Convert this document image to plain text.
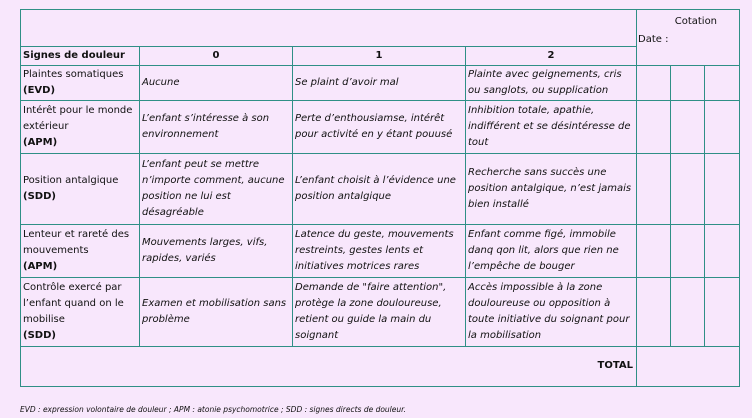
				Cotation
Date :		

Signes de douleur	0	1	2			
Plaintes somatiques
(EVD)	Aucune	Se plaint d’avoir mal	Plainte avec geignements, cris ou sanglots, ou supplication			
Intérêt pour le monde extérieur
(APM)	L’enfant s’intéresse à son environnement	Perte d’enthousiamse, intérêt pour activité en y étant pouusé	Inhibition totale, apathie, indifférent et se désintéresse de tout			
Position antalgique
(SDD)	L’enfant peut se mettre n’importe comment, aucune position ne lui est désagréable	L’enfant choisit à l’évidence une position antalgique	Recherche sans succès une position antalgique, n’est jamais bien installé			
Lenteur et rareté des mouvements
(APM)	Mouvements larges, vifs, rapides, variés	Latence du geste, mouvements restreints, gestes lents et initiatives motrices rares	Enfant comme figé, immobile danq qon lit, alors que rien ne l’empêche de bouger			
Contrôle exercé par l’enfant quand on le mobilise
(SDD)	Examen et mobilisation sans problème	Demande de "faire attention", protège la zone douloureuse, retient ou guide la main du soignant	Accès impossible à la zone douloureuse ou opposition à toute initiative du soignant pour la mobilisation			
TOTAL						
EVD : expression volontaire de douleur ; APM : atonie psychomotrice ; SDD : signes directs de douleur.
